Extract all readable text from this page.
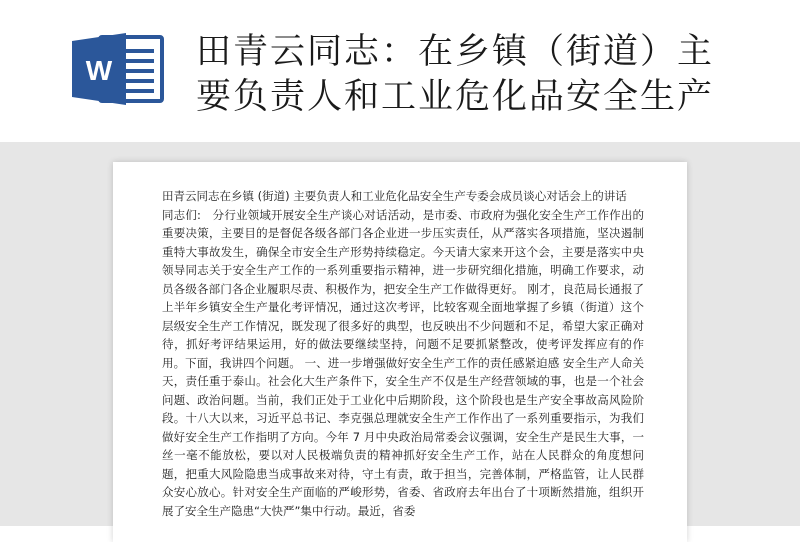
W 田青云同志：在乡镇（街道）主
要负责人和工业危化品安全生产

田青云同志在乡镇 (街道) 主要负责人和工业危化品安全生产专委会成员谈心对话会上的讲话

同志们:　分行业领域开展安全生产谈心对话活动，是市委、市政府为强化安全生产工作作出的重要决策，主要目的是督促各级各部门各企业进一步压实责任，从严落实各项措施，坚决遏制重特大事故发生，确保全市安全生产形势持续稳定。今天请大家来开这个会，主要是落实中央领导同志关于安全生产工作的一系列重要指示精神，进一步研究细化措施，明确工作要求，动员各级各部门各企业履职尽责、积极作为，把安全生产工作做得更好。 刚才，良范局长通报了上半年乡镇安全生产量化考评情况，通过这次考评，比较客观全面地掌握了乡镇（街道）这个层级安全生产工作情况，既发现了很多好的典型，也反映出不少问题和不足，希望大家正确对待，抓好考评结果运用，好的做法要继续坚持，问题不足要抓紧整改，使考评发挥应有的作用。下面，我讲四个问题。 一、进一步增强做好安全生产工作的责任感紧迫感 安全生产人命关天，责任重于泰山。社会化大生产条件下，安全生产不仅是生产经营领域的事，也是一个社会问题、政治问题。当前，我们正处于工业化中后期阶段，这个阶段也是生产安全事故高风险阶段。十八大以来，习近平总书记、李克强总理就安全生产工作作出了一系列重要指示，为我们做好安全生产工作指明了方向。今年 7 月中央政治局常委会议强调，安全生产是民生大事，一丝一毫不能放松，要以对人民极端负责的精神抓好安全生产工作，站在人民群众的角度想问题，把重大风险隐患当成事故来对待，守土有责，敢于担当，完善体制，严格监管，让人民群众安心放心。针对安全生产面临的严峻形势，省委、省政府去年出台了十项断然措施，组织开展了安全生产隐患“大快严”集中行动。最近，省委
